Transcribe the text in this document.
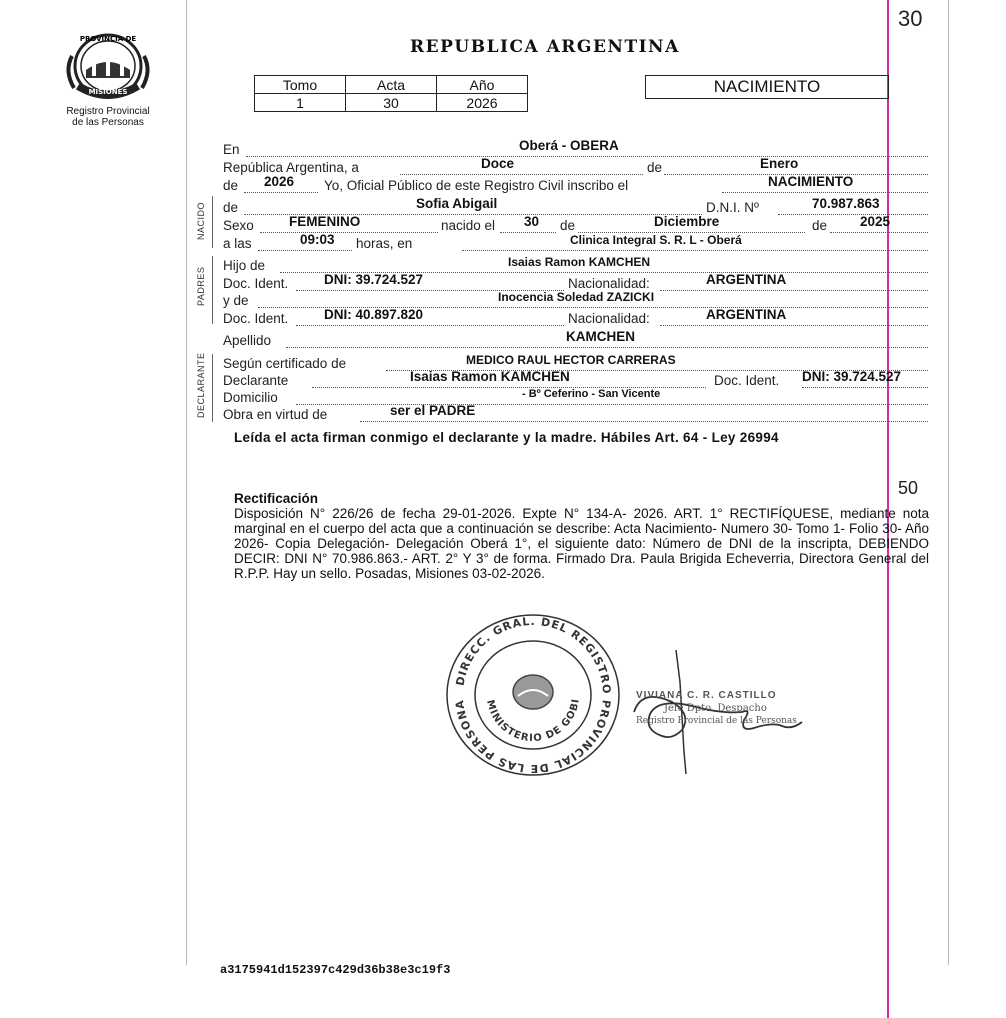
30
PROVINCIA DE
MISIONES
Registro Provincial
de las Personas
REPUBLICA ARGENTINA
Tomo	Acta	Año
1	30	2026
NACIMIENTO
En	Oberá - OBERA
República Argentina, a	Doce	de	Enero
de 2026 Yo, Oficial Público de este Registro Civil inscribo el	NACIMIENTO
NACIDO de	Sofia Abigail	D.N.I. Nº	70.987.863
Sexo	FEMENINO	nacido el 30 de	Diciembre	de 2025
a las	09:03 horas, en	Clinica Integral S. R. L - Oberá
PADRES
Hijo de	Isaias Ramon KAMCHEN
Doc. Ident.	DNI: 39.724.527	Nacionalidad:	ARGENTINA
y de	Inocencia Soledad ZAZICKI
Doc. Ident.	DNI: 40.897.820	Nacionalidad:	ARGENTINA
Apellido	KAMCHEN
DECLARANTE Según certificado de	MEDICO RAUL HECTOR CARRERAS
Declarante	Isaias Ramon KAMCHEN	Doc. Ident. DNI: 39.724.527
Domicilio	- Bº Ceferino - San Vicente
Obra en virtud de	ser el PADRE
Leída el acta firman conmigo el declarante y la madre. Hábiles Art. 64 - Ley 26994
50
Rectificación
Disposición N° 226/26 de fecha 29-01-2026. Expte N° 134-A- 2026. ART. 1° RECTIFÍQUESE, mediante nota marginal en el cuerpo del acta que a continuación se describe: Acta Nacimiento- Numero 30- Tomo 1- Folio 30- Año 2026- Copia Delegación- Delegación Oberá 1°, el siguiente dato: Número de DNI de la inscripta, DEBIENDO DECIR: DNI N° 70.986.863.- ART. 2° Y 3° de forma. Firmado Dra. Paula Brigida Echeverria, Directora General del R.P.P. Hay un sello. Posadas, Misiones 03-02-2026.
DIRECC. GRAL. DEL REGISTRO PROVINCIAL DE LAS PERSONA	MINISTERIO DE GOBI	VIVIANA C. R. CASTILLO
Jefe Dpto. Despacho
Registro Provincial de las Personas
a3175941d152397c429d36b38e3c19f3
